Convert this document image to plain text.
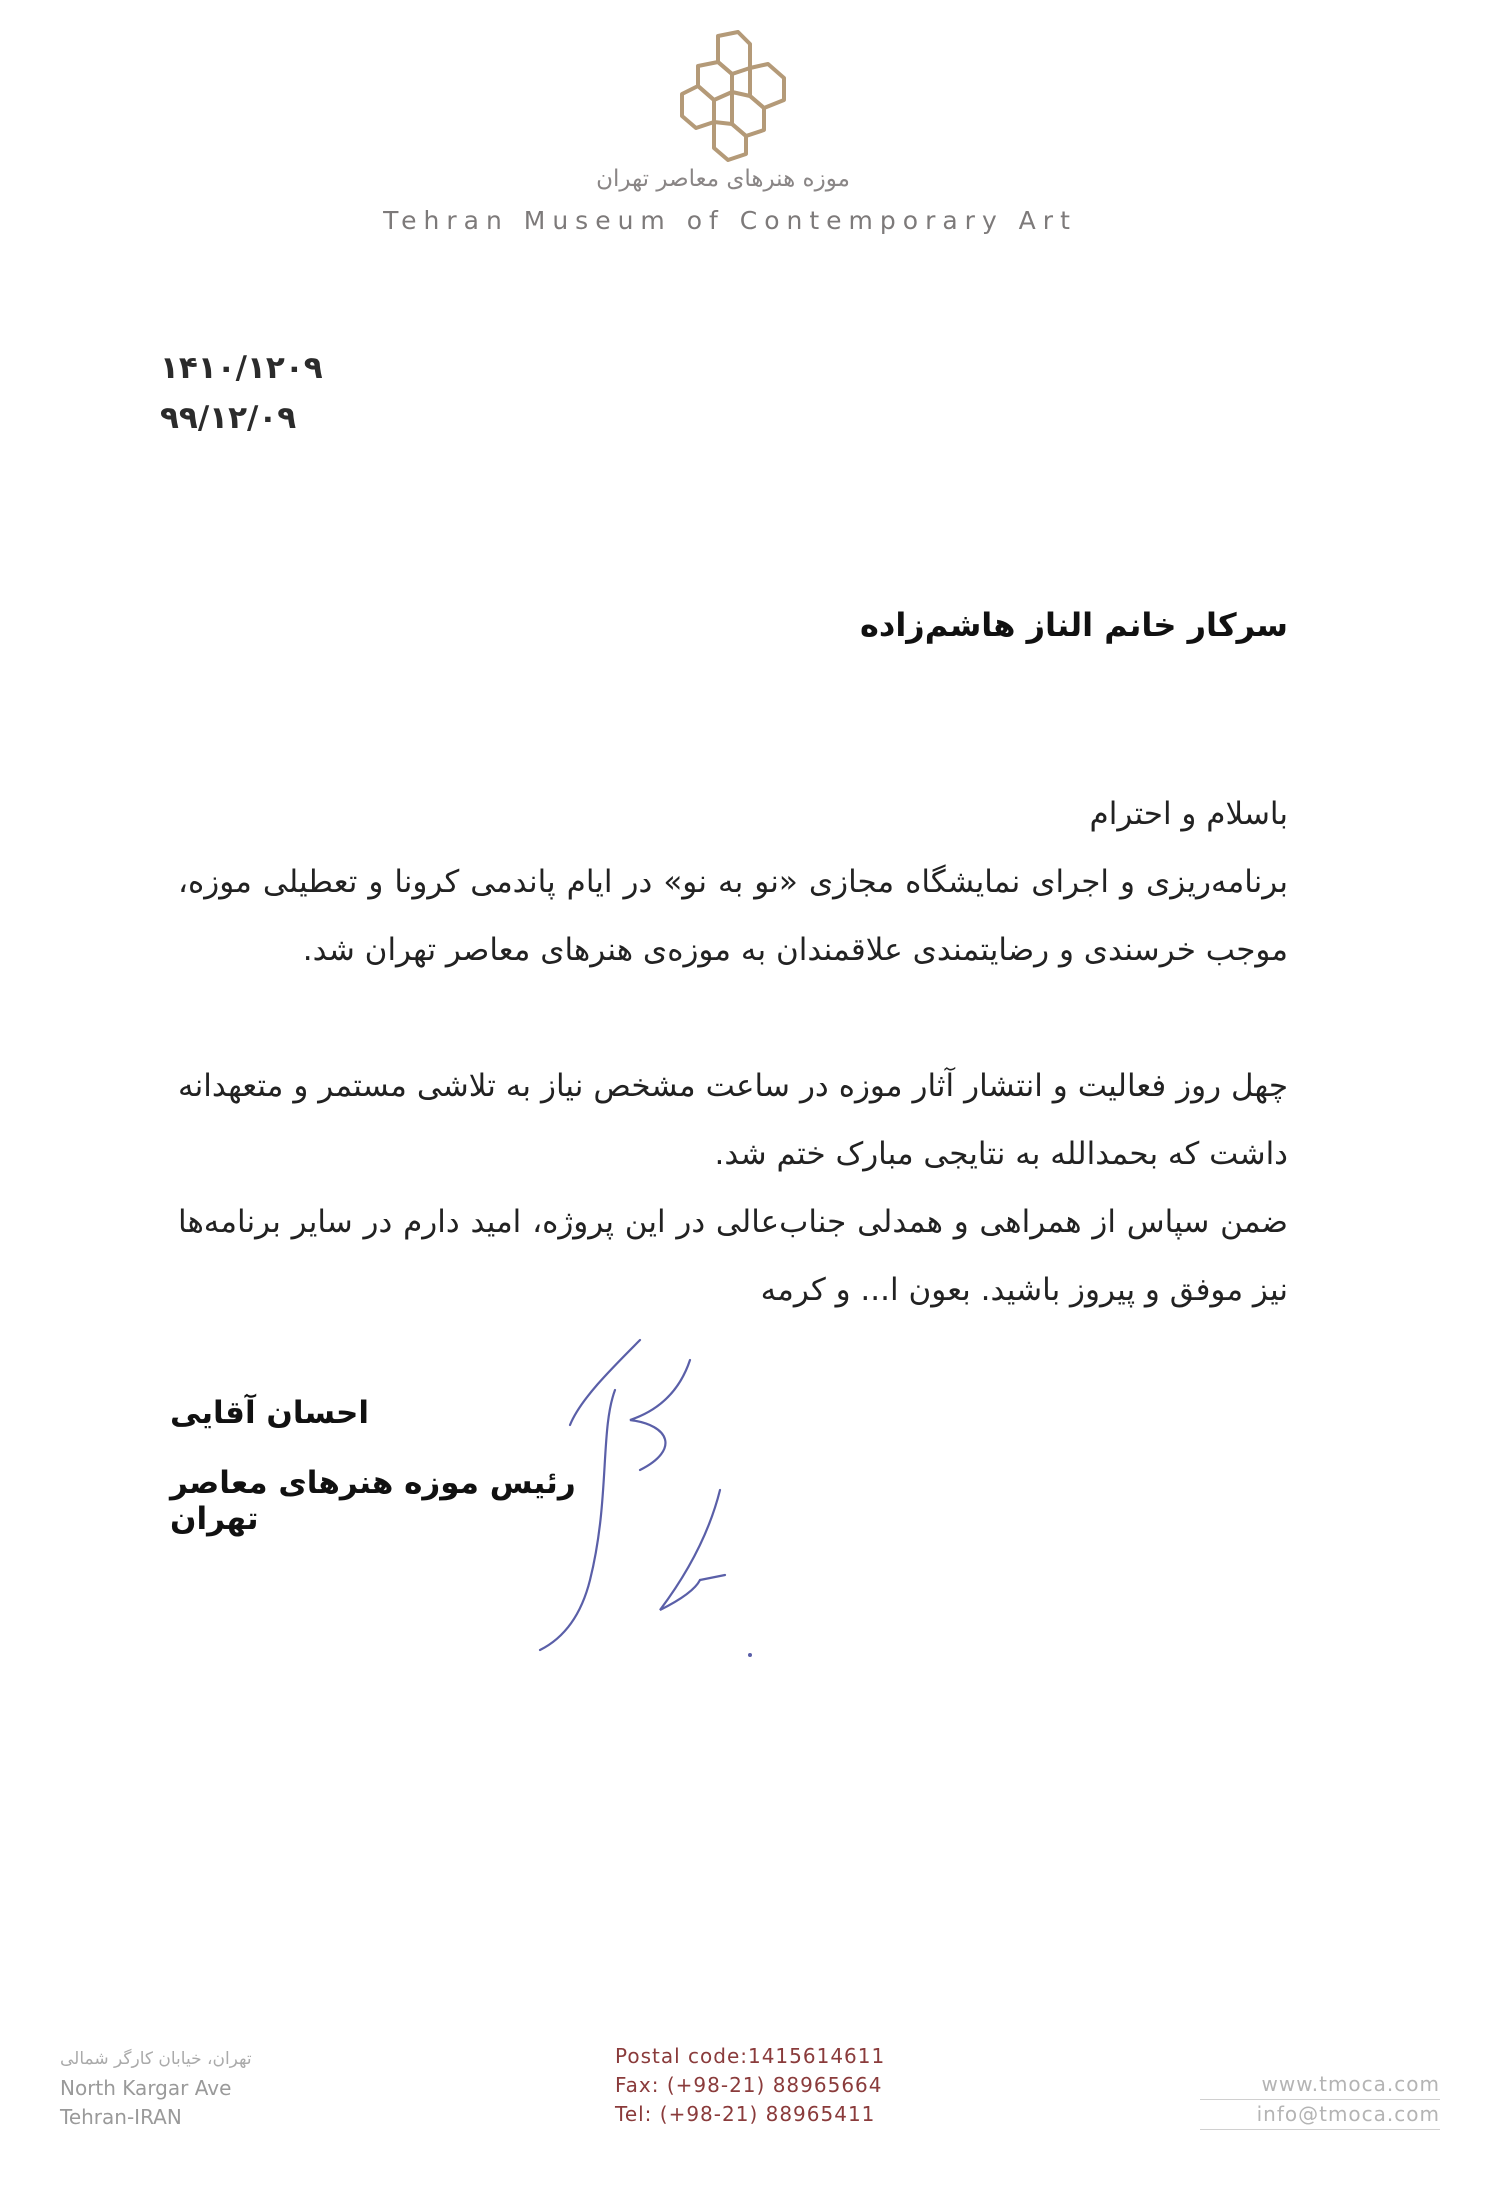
موزه هنرهای معاصر تهران
Tehran Museum of Contemporary Art
۱۴۱۰/۱۲۰۹
۹۹/۱۲/۰۹
سرکار خانم الناز هاشم‌زاده
باسلام و احترام
برنامه‌ریزی و اجرای نمایشگاه مجازی «نو به نو» در ایام پاندمی کرونا و تعطیلی موزه، موجب خرسندی و رضایتمندی علاقمندان به موزه‌ی هنرهای معاصر تهران شد.
چهل روز فعالیت و انتشار آثار موزه در ساعت مشخص نیاز به تلاشی مستمر و متعهدانه داشت که بحمدالله به نتایجی مبارک ختم شد.
ضمن سپاس از همراهی و همدلی جناب‌عالی در این پروژه، امید دارم در سایر برنامه‌ها نیز موفق و پیروز باشید. بعون ا... و کرمه
احسان آقایی
رئیس موزه هنرهای معاصر تهران
تهران، خیابان کارگر شمالی
North Kargar Ave
Tehran-IRAN
Postal code:1415614611
Fax: (+98-21) 88965664
Tel: (+98-21) 88965411
www.tmoca.com
info@tmoca.com
